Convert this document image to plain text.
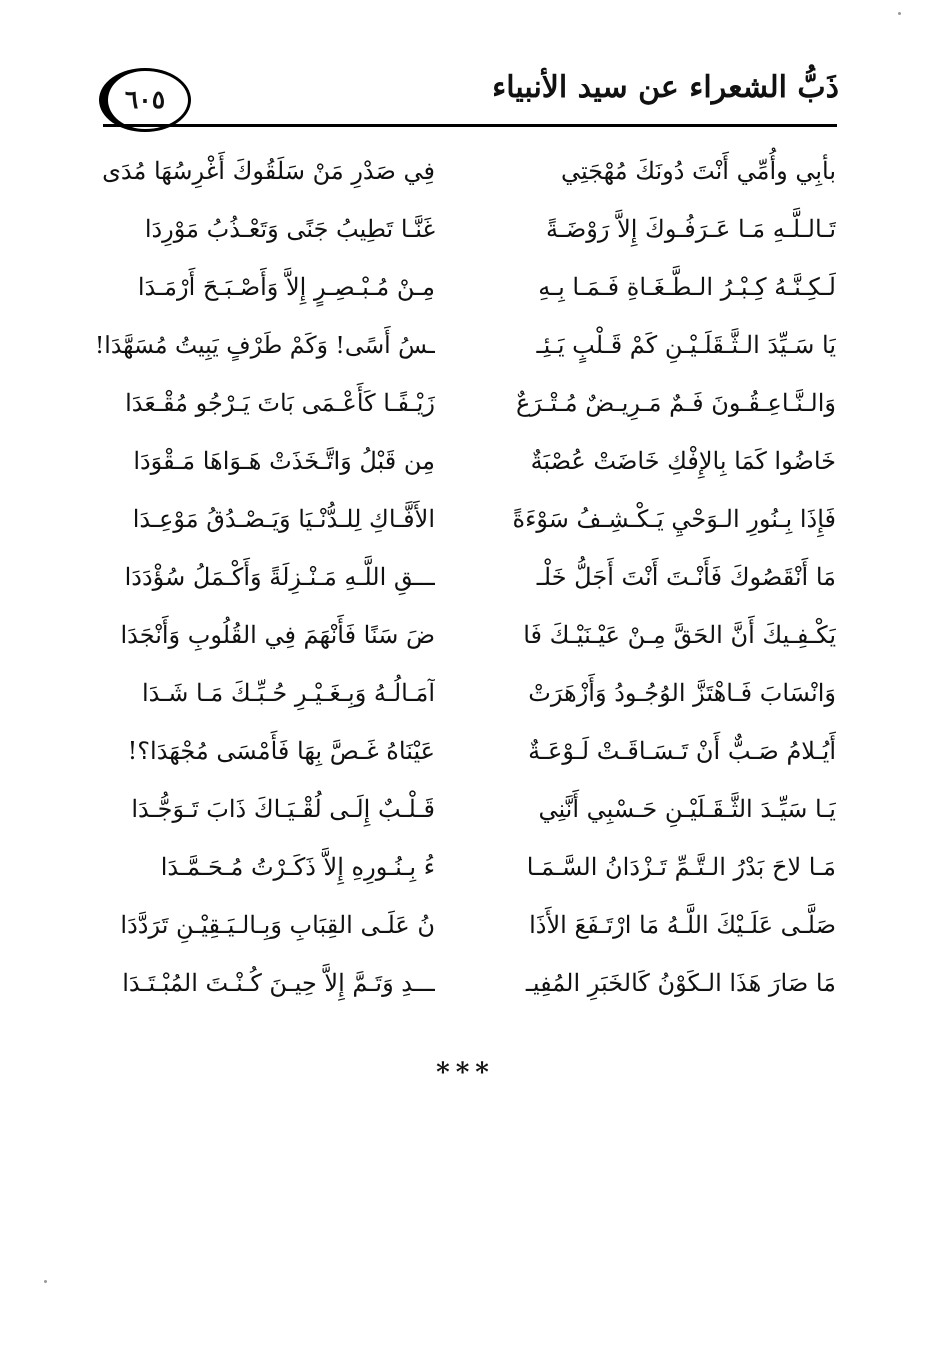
ذَبُّ الشعراء عن سيد الأنبياء
٦٠٥
بأبِي وأُمِّي أَنْتَ دُونَكَ مُهْجَتِي
تَـالـلَّـهِ مَـا عَـرَفُـوكَ إِلاَّ رَوْضَـةً
لَـكِـنَّـهُ كِـبْـرُ الـطَّـغَـاةِ فَـمَـا بِـهِ
يَا سَـيِّدَ الـثَّـقَلَـيْـنِ كَمْ قَـلْبٍ يَـئِـ
وَالـنَّـاعِـقُـونَ فَـمٌ مَـرِيـضٌ مُـتْـرَعٌ
خَاضُوا كَمَا بِالإِفْكِ خَاضَتْ عُصْبَةٌ
فَإِذَا بِـنُورِ الـوَحْيِ يَـكْـشِـفُ سَوْءَةً
مَا أَنْقَصُوكَ فَأَنْـتَ أَنْتَ أَجَلُّ خَلْـ
يَكْـفِـيكَ أَنَّ الحَقَّ مِـنْ عَيْـنَيْـكَ فَا
وَانْسَابَ فَـاهْتَزَّ الوُجُـودُ وَأَزْهَرَتْ
أَيُـلامُ صَـبٌّ أَنْ تَـسَـاقَـتْ لَـوْعَـةٌ
يَـا سَيِّـدَ الثَّـقَـلَيْـنِ حَـسْبِي أَنَّنِي
مَـا لاحَ بَدْرُ الـتَّـمِّ تَـزْدَانُ السَّـمَـا
صَلَّـى عَلَـيْكَ اللَّـهُ مَا ارْتَـفَعَ الأَذَا
مَا صَارَ هَذَا الـكَوْنُ كَالخَبَرِ المُفِيـ
فِي صَدْرِ مَنْ سَلَقُوكَ أَغْرِسُهَا مُدَى
غَنَّـا تَطِيبُ جَنًى وَتَعْـذُبُ مَوْرِدَا
مِـنْ مُـبْـصِـرٍ إِلاَّ وَأَصْـبَـحَ أَرْمَـدَا
ـسُ أَسًى! وَكَمْ طَرْفٍ يَبِيتُ مُسَهَّدَا!
زَيْـفًـا كَأَعْـمَى بَاتَ يَـرْجُو مُقْـعَدَا
مِن قَبْلُ وَاتَّـخَذَتْ هَـوَاهَا مَـقْوَدَا
الأَفَّـاكِ لِلـدُّنْـيَا وَيَـصْـدُقُ مَوْعِـدَا
ـــقِ اللَّـهِ مَـنْـزِلَةً وَأَكْـمَلُ سُؤْدَدَا
ضَ سَنًا فَأَنْهَمَ فِي القُلُوبِ وَأَنْجَدَا
آمَـالُـهُ وَبِـغَـيْـرِ حُـبِّـكَ مَـا شَـدَا
عَيْنَاهُ غَـصَّ بِهَا فَأَمْسَى مُجْهَدَا؟!
قَـلْـبٌ إِلَـى لُقْـيَـاكَ ذَابَ تَـوَجُّـدَا
ءُ بِـنُـورِهِ إِلاَّ ذَكَـرْتُ مُـحَـمَّـدَا
نُ عَلَـى القِبَابِ وَبِـالـيَـقِيْـنِ تَرَدَّدَا
ـــدِ وَتَـمَّ إِلاَّ حِيـنَ كُـنْـتَ المُبْـتَـدَا
***
